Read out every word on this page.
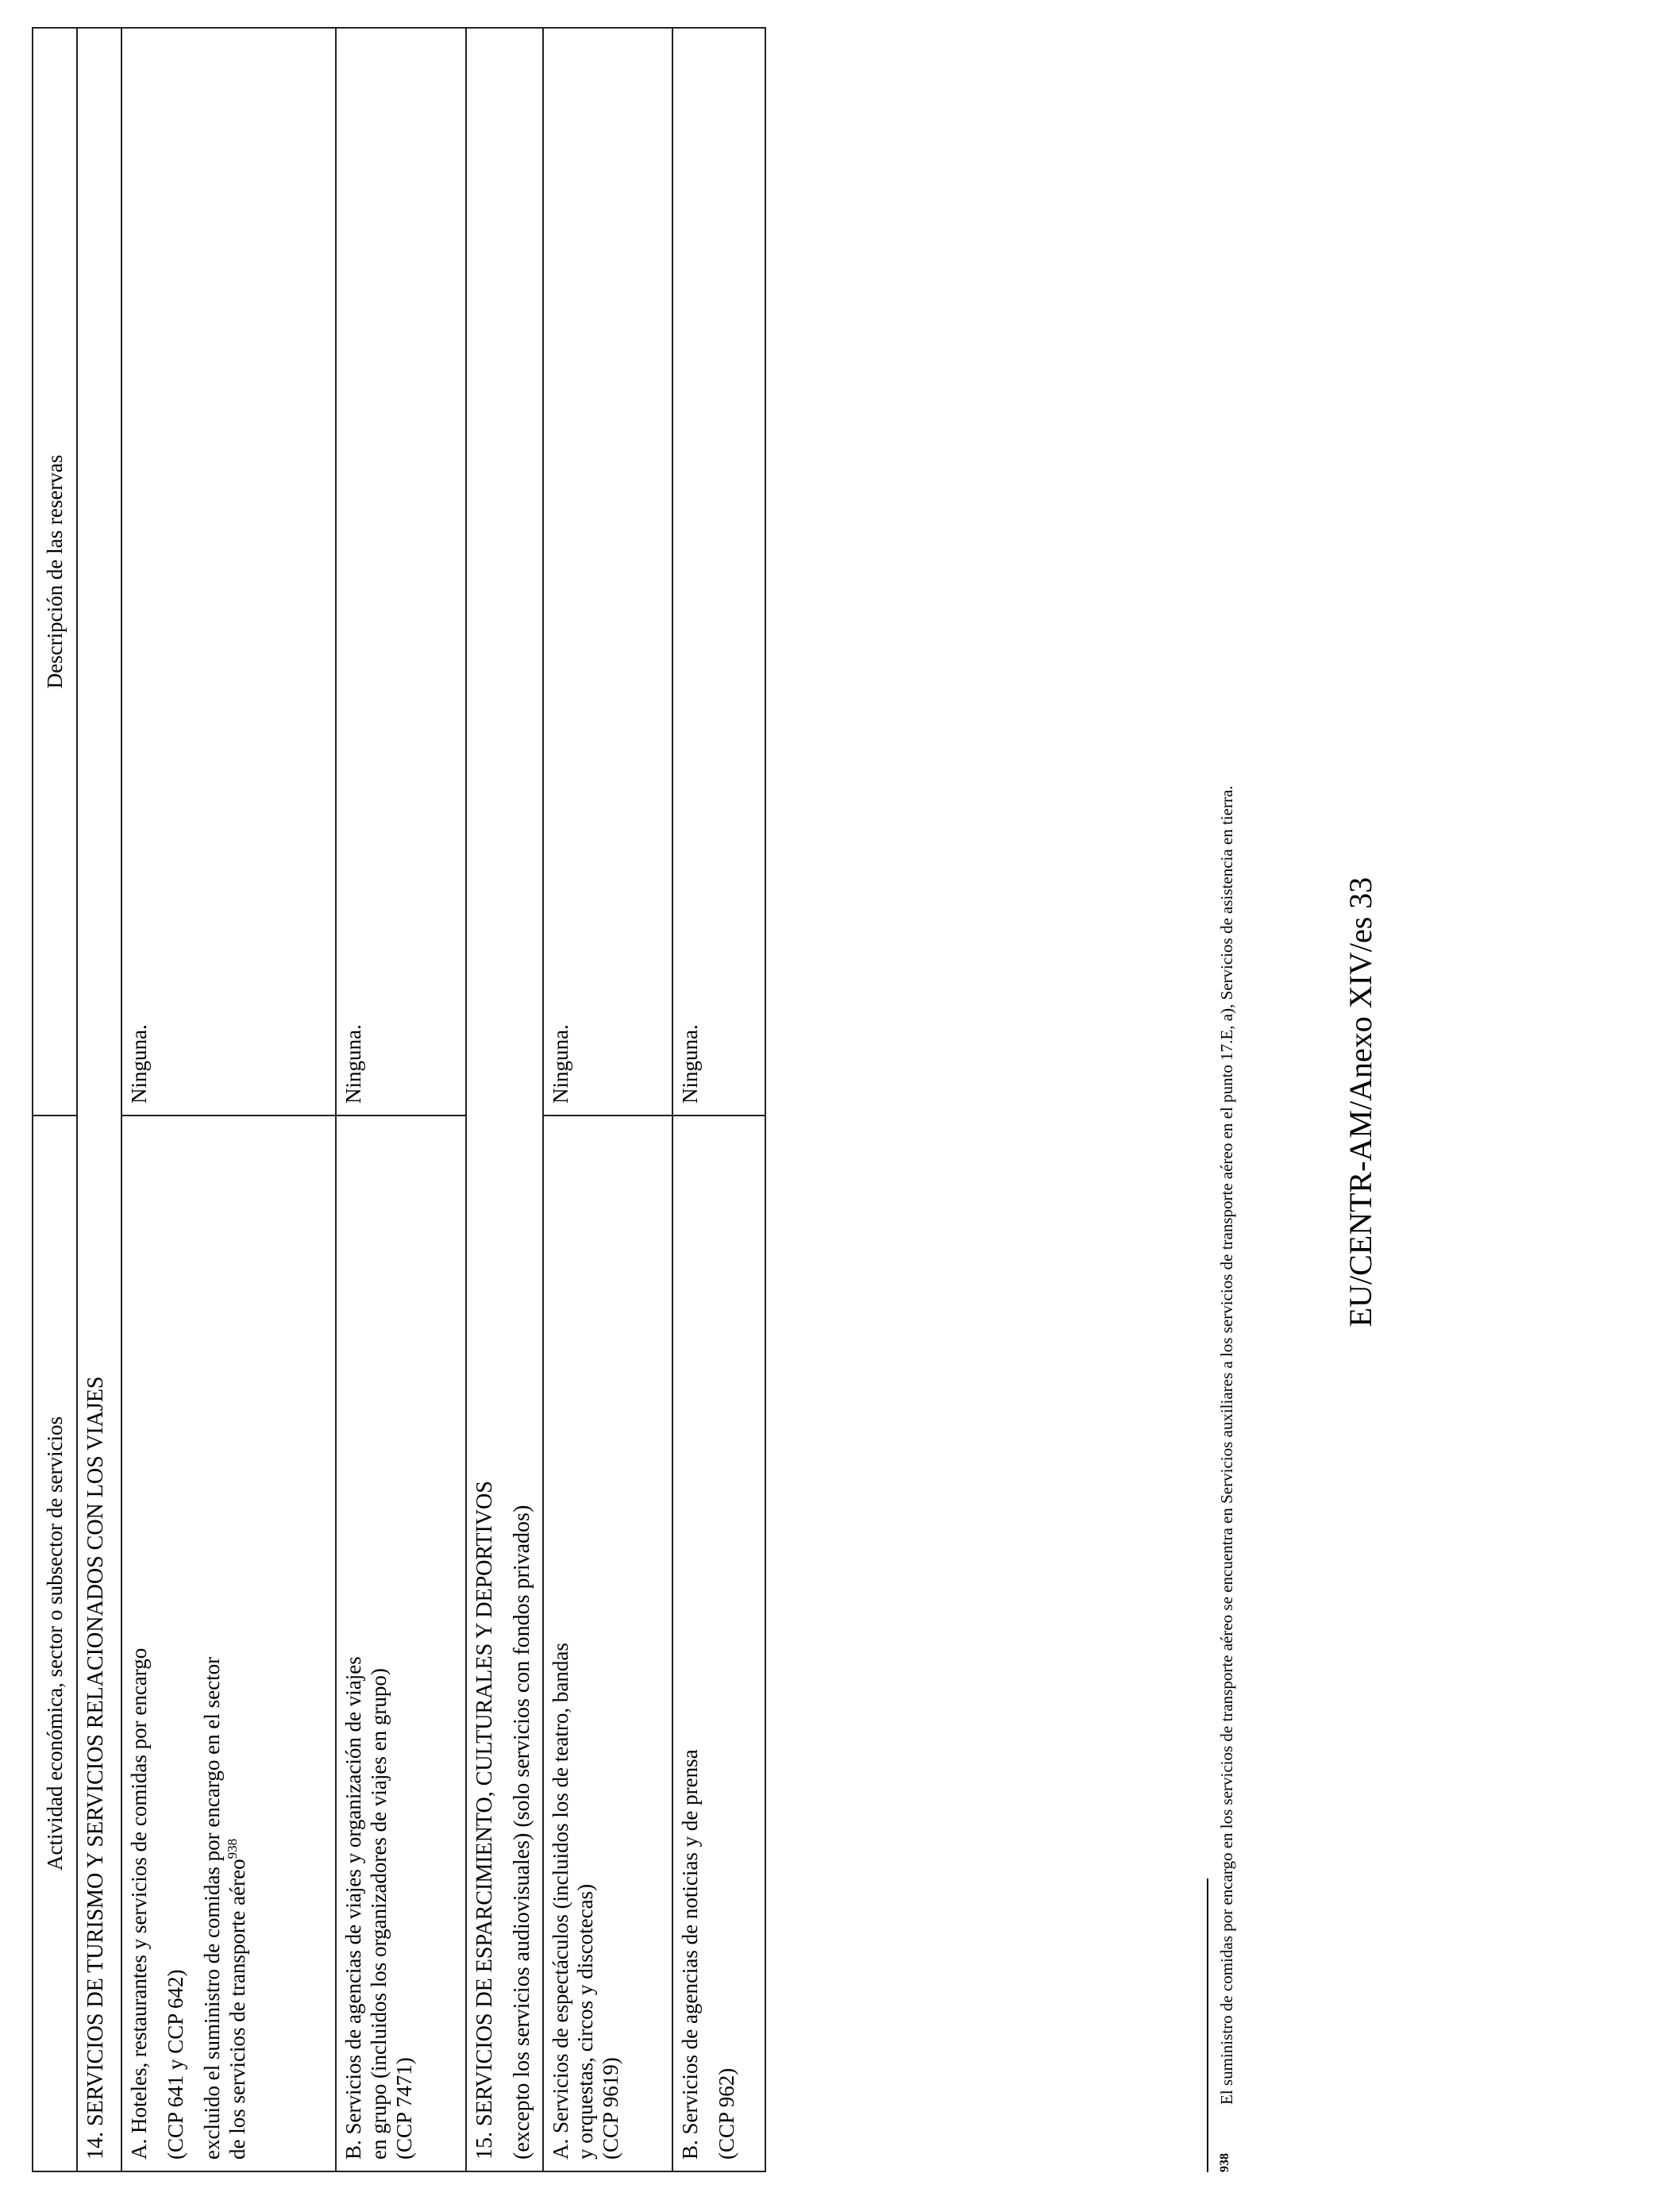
Actividad económica, sector o subsector de servicios	Descripción de las reservas
14. SERVICIOS DE TURISMO Y SERVICIOS RELACIONADOS CON LOS VIAJES	

A. Hoteles, restaurantes y servicios de comidas por encargo (CCP 641 y CCP 642) excluido el suministro de comidas por encargo en el sector de los servicios de transporte aéreo$^{938}$	Ninguna.

B. Servicios de agencias de viajes y organización de viajes en grupo (incluidos los organizadores de viajes en grupo) (CCP 7471)	Ninguna.

15. SERVICIOS DE ESPARCIMIENTO, CULTURALES Y DEPORTIVOS (excepto los servicios audiovisuales) (solo servicios con fondos privados)	

A. Servicios de espectáculos (incluidos los de teatro, bandas y orquestas, circos y discotecas) (CCP 9619)	Ninguna.

B. Servicios de agencias de noticias y de prensa (CCP 962)	Ninguna.
938
El suministro de comidas por encargo en los servicios de transporte aéreo se encuentra en Servicios auxiliares a los servicios de transporte aéreo en el punto 17.E, a), Servicios de asistencia en tierra.	EU/CENTR-AM/Anexo XIV/es 33
